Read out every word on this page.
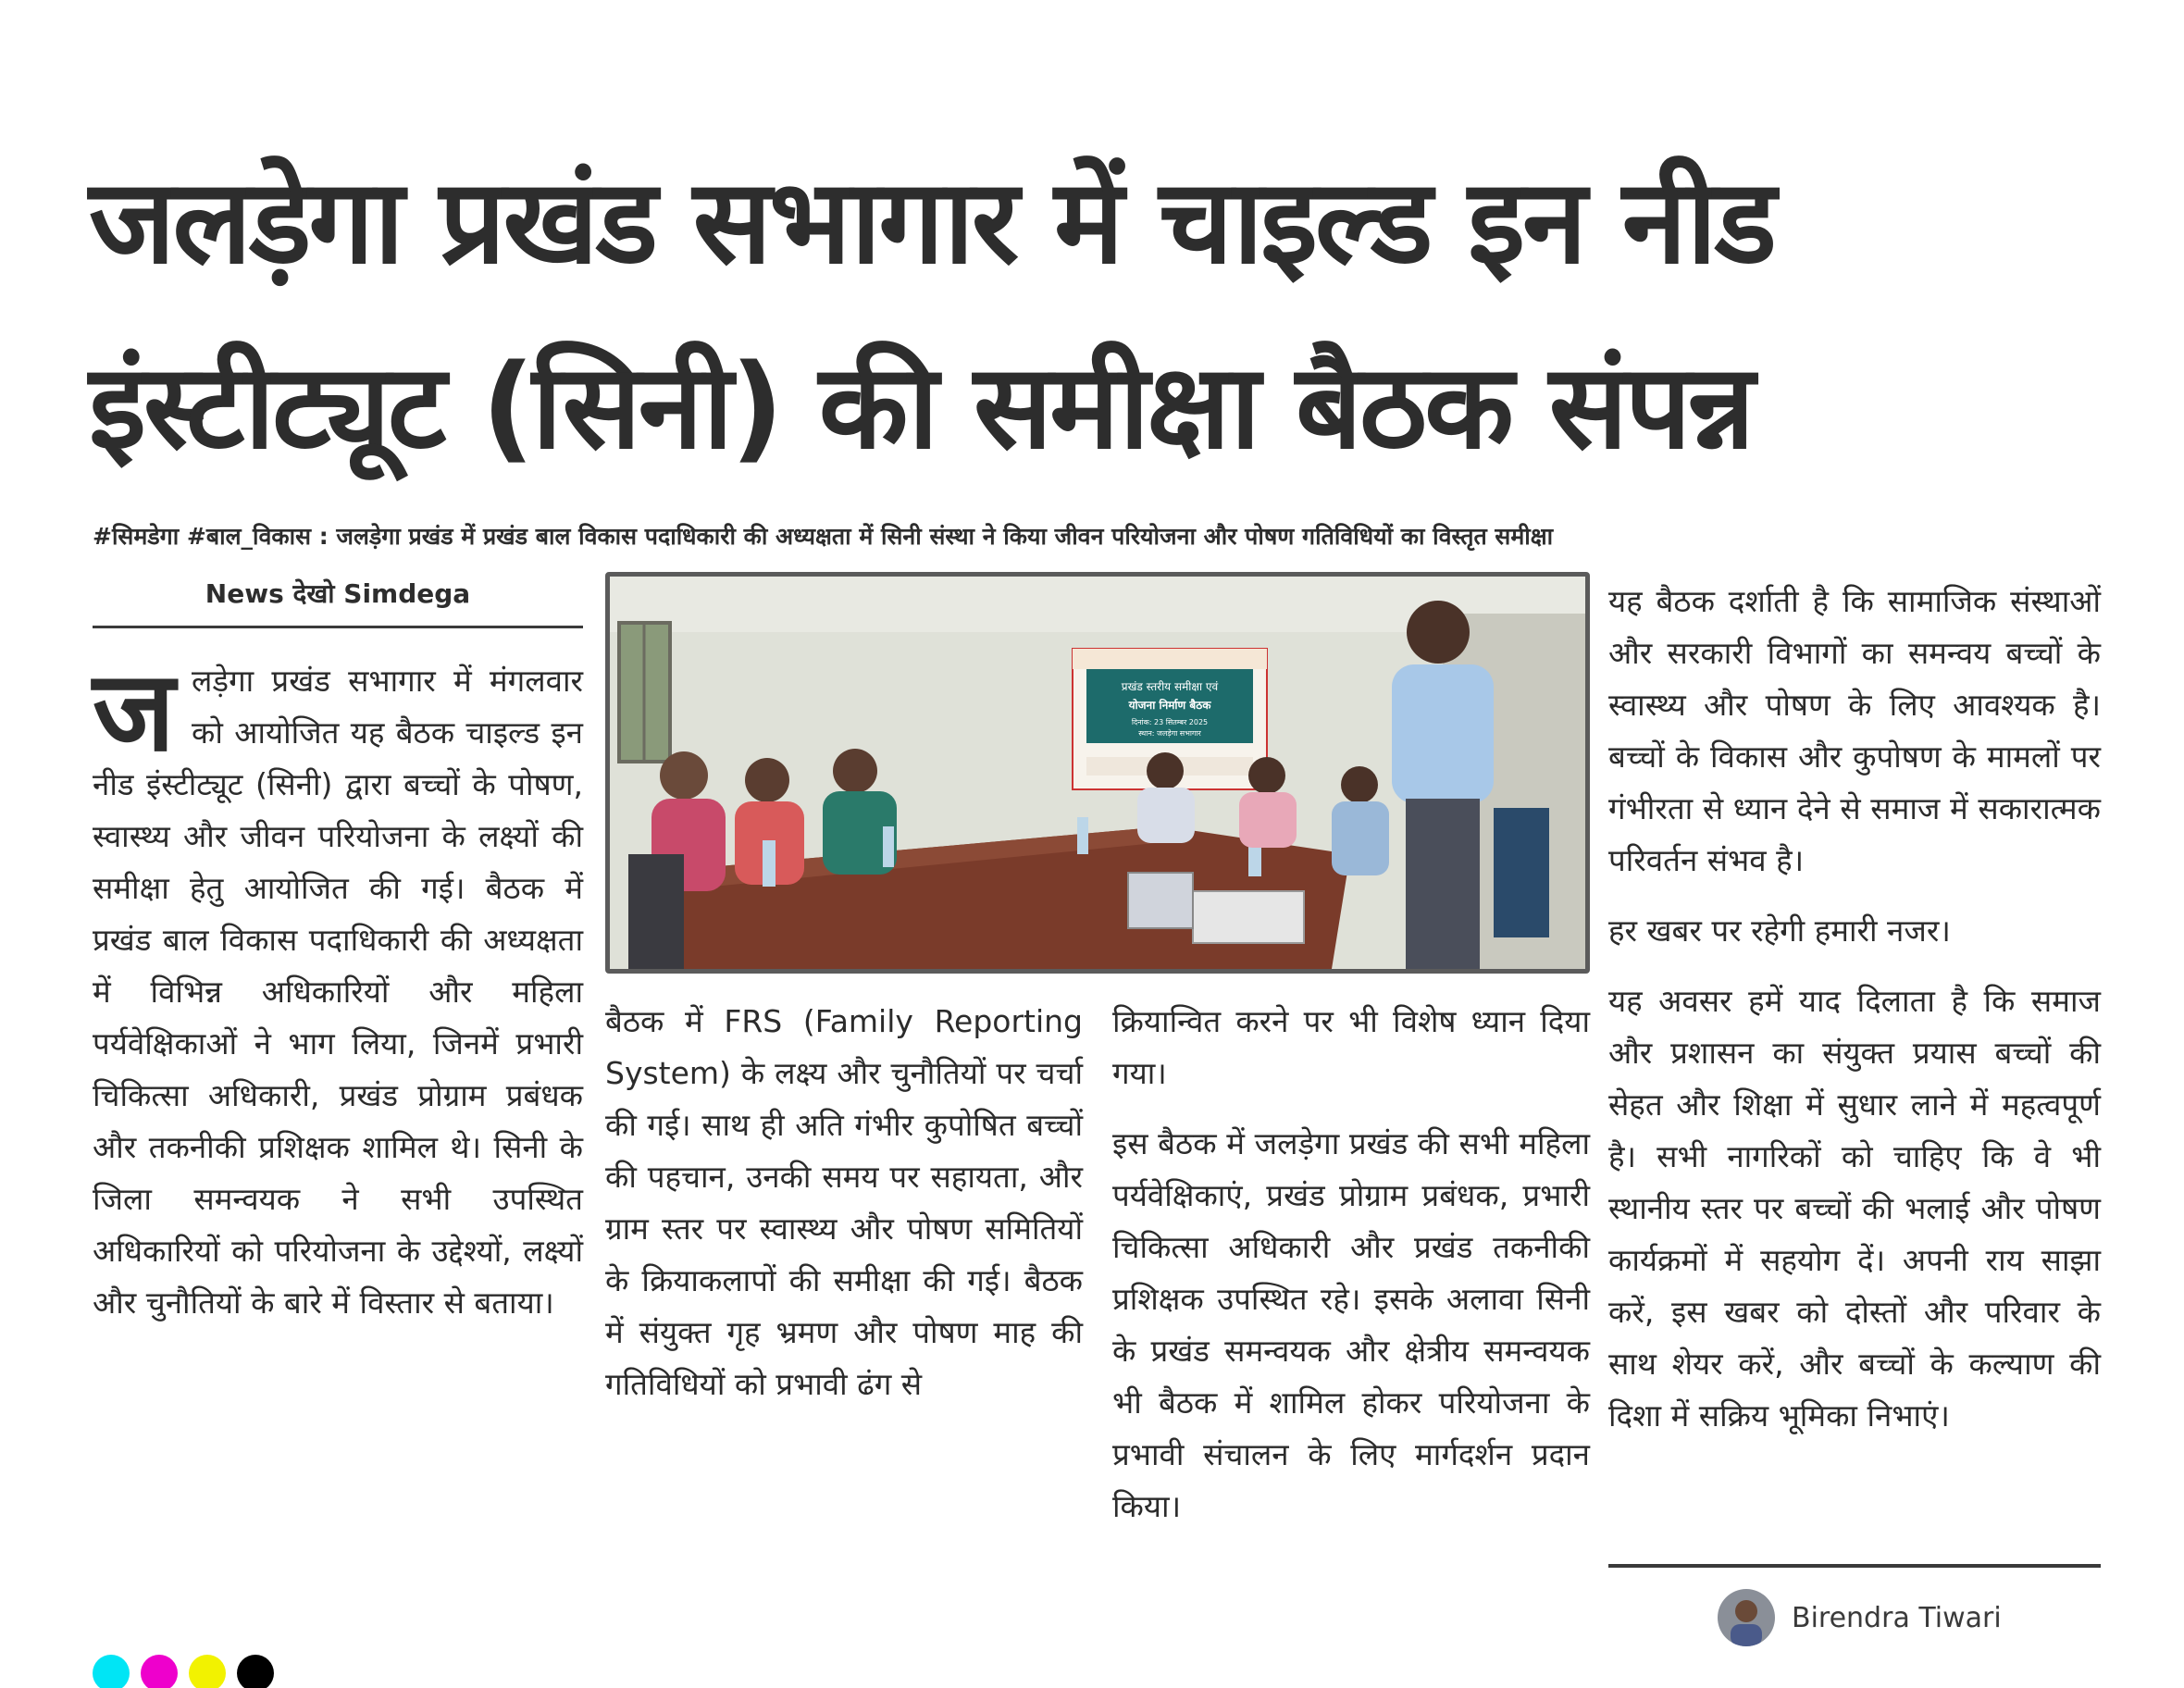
जलड़ेगा प्रखंड सभागार में चाइल्ड इन नीड
इंस्टीट्यूट (सिनी) की समीक्षा बैठक संपन्न
#सिमडेगा #बाल_विकास : जलड़ेगा प्रखंड में प्रखंड बाल विकास पदाधिकारी की अध्यक्षता में सिनी संस्था ने किया जीवन परियोजना और पोषण गतिविधियों का विस्तृत समीक्षा
News देखो Simdega
जलड़ेगा प्रखंड सभागार में मंगलवार को आयोजित यह बैठक चाइल्ड इन नीड इंस्टीट्यूट (सिनी) द्वारा बच्चों के पोषण, स्वास्थ्य और जीवन परियोजना के लक्ष्यों की समीक्षा हेतु आयोजित की गई। बैठक में प्रखंड बाल विकास पदाधिकारी की अध्यक्षता में विभिन्न अधिकारियों और महिला पर्यवेक्षिकाओं ने भाग लिया, जिनमें प्रभारी चिकित्सा अधिकारी, प्रखंड प्रोग्राम प्रबंधक और तकनीकी प्रशिक्षक शामिल थे। सिनी के जिला समन्वयक ने सभी उपस्थित अधिकारियों को परियोजना के उद्देश्यों, लक्ष्यों और चुनौतियों के बारे में विस्तार से बताया।
प्रखंड स्तरीय समीक्षा एवं
योजना निर्माण बैठक
दिनांक: 23 सितम्बर 2025
स्थान: जलड़ेगा सभागार

बैठक में FRS (Family Reporting System) के लक्ष्य और चुनौतियों पर चर्चा की गई। साथ ही अति गंभीर कुपोषित बच्चों की पहचान, उनकी समय पर सहायता, और ग्राम स्तर पर स्वास्थ्य और पोषण समितियों के क्रियाकलापों की समीक्षा की गई। बैठक में संयुक्त गृह भ्रमण और पोषण माह की गतिविधियों को प्रभावी ढंग से

क्रियान्वित करने पर भी विशेष ध्यान दिया गया।

इस बैठक में जलड़ेगा प्रखंड की सभी महिला पर्यवेक्षिकाएं, प्रखंड प्रोग्राम प्रबंधक, प्रभारी चिकित्सा अधिकारी और प्रखंड तकनीकी प्रशिक्षक उपस्थित रहे। इसके अलावा सिनी के प्रखंड समन्वयक और क्षेत्रीय समन्वयक भी बैठक में शामिल होकर परियोजना के प्रभावी संचालन के लिए मार्गदर्शन प्रदान किया।

यह बैठक दर्शाती है कि सामाजिक संस्थाओं और सरकारी विभागों का समन्वय बच्चों के स्वास्थ्य और पोषण के लिए आवश्यक है। बच्चों के विकास और कुपोषण के मामलों पर गंभीरता से ध्यान देने से समाज में सकारात्मक परिवर्तन संभव है।

हर खबर पर रहेगी हमारी नजर।

यह अवसर हमें याद दिलाता है कि समाज और प्रशासन का संयुक्त प्रयास बच्चों की सेहत और शिक्षा में सुधार लाने में महत्वपूर्ण है। सभी नागरिकों को चाहिए कि वे भी स्थानीय स्तर पर बच्चों की भलाई और पोषण कार्यक्रमों में सहयोग दें। अपनी राय साझा करें, इस खबर को दोस्तों और परिवार के साथ शेयर करें, और बच्चों के कल्याण की दिशा में सक्रिय भूमिका निभाएं।

Birendra Tiwari
